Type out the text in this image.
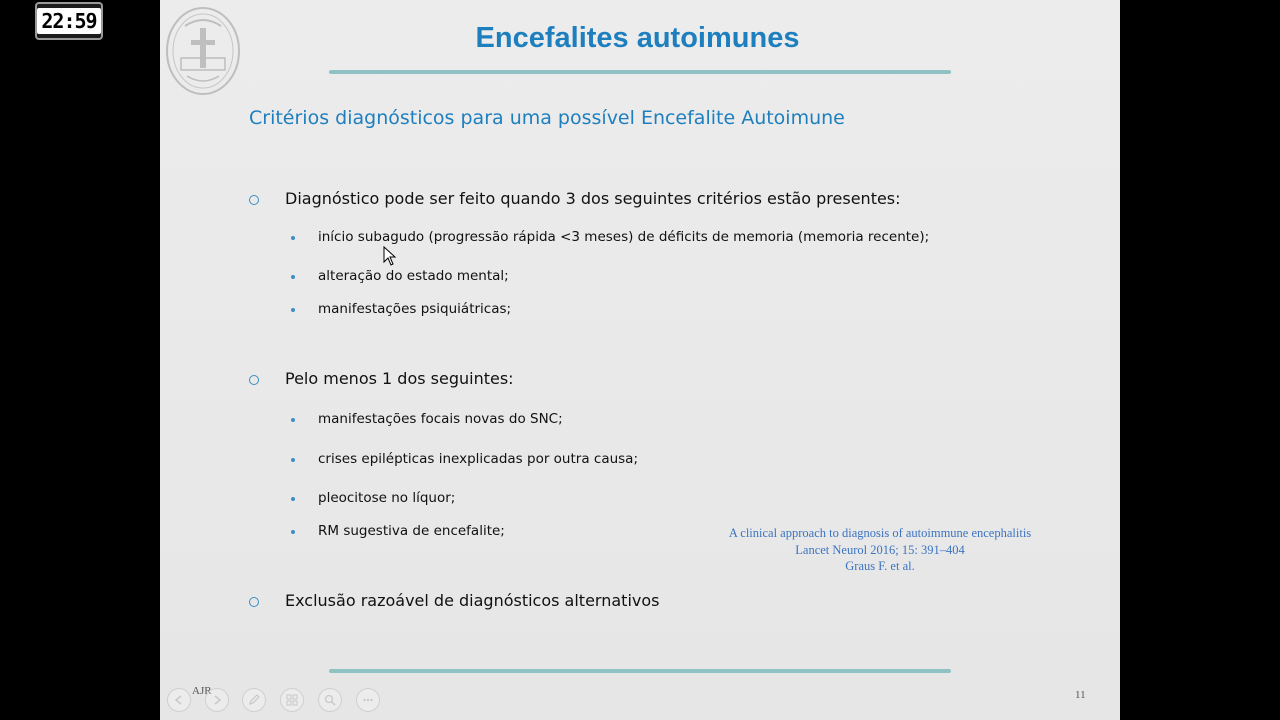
22:59
Encefalites autoimunes
Critérios diagnósticos para uma possível Encefalite Autoimune
Diagnóstico pode ser feito quando 3 dos seguintes critérios estão presentes:
início subagudo (progressão rápida <3 meses) de déficits de memoria (memoria recente);
alteração do estado mental;
manifestações psiquiátricas;
Pelo menos 1 dos seguintes:
manifestações focais novas do SNC;
crises epilépticas inexplicadas por outra causa;
pleocitose no líquor;
RM sugestiva de encefalite;
Exclusão razoável de diagnósticos alternativos
A clinical approach to diagnosis of autoimmune encephalitis
Lancet Neurol 2016; 15: 391–404
Graus F. et al.
AJR	11
